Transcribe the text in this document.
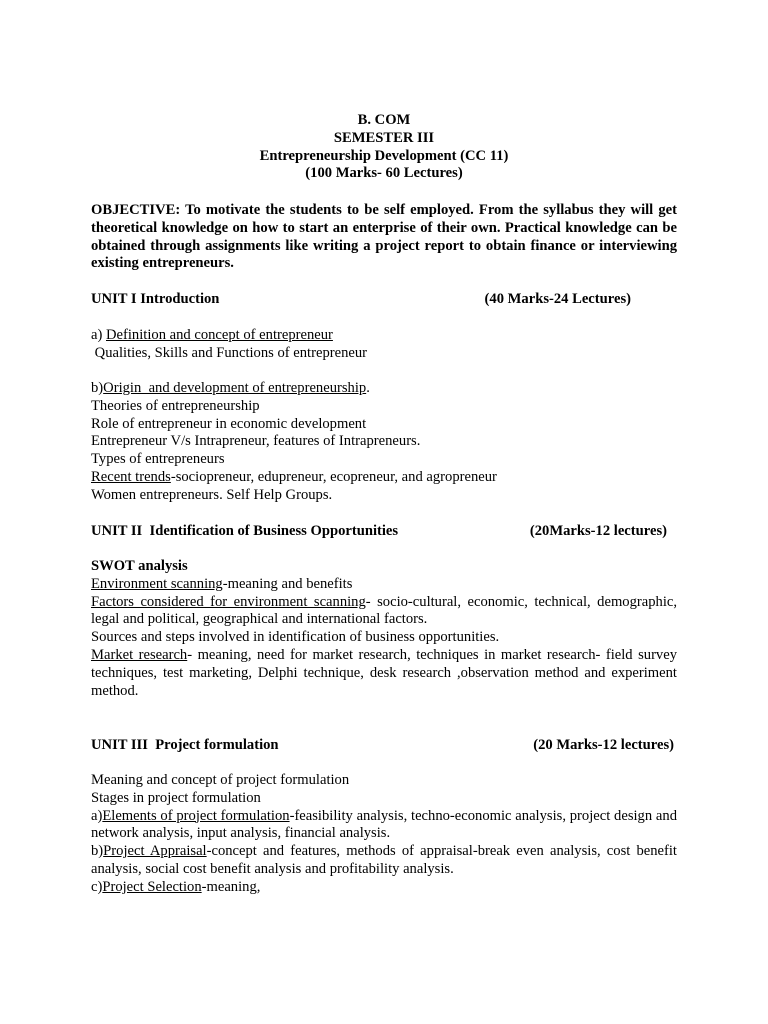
B. COM
SEMESTER III
Entrepreneurship Development (CC 11)
(100 Marks- 60 Lectures)
OBJECTIVE: To motivate the students to be self employed. From the syllabus they will get theoretical knowledge on how to start an enterprise of their own. Practical knowledge can be obtained through assignments like writing a project report to obtain finance or interviewing existing entrepreneurs.
UNIT I Introduction	(40 Marks-24 Lectures)
a) Definition and concept of entrepreneur
Qualities, Skills and Functions of entrepreneur
b)Origin  and development of entrepreneurship.
Theories of entrepreneurship
Role of entrepreneur in economic development
Entrepreneur V/s Intrapreneur, features of Intrapreneurs.
Types of entrepreneurs
Recent trends-sociopreneur, edupreneur, ecopreneur, and agropreneur
Women entrepreneurs. Self Help Groups.
UNIT II  Identification of Business Opportunities	(20Marks-12 lectures)
SWOT analysis
Environment scanning-meaning and benefits
Factors considered for environment scanning- socio-cultural, economic, technical, demographic, legal and political, geographical and international factors.
Sources and steps involved in identification of business opportunities.
Market research- meaning, need for market research, techniques in market research- field survey techniques, test marketing, Delphi technique, desk research ,observation method and experiment method.
UNIT III  Project formulation	(20 Marks-12 lectures)
Meaning and concept of project formulation
Stages in project formulation
a)Elements of project formulation-feasibility analysis, techno-economic analysis, project design and network analysis, input analysis, financial analysis.
b)Project Appraisal-concept and features, methods of appraisal-break even analysis, cost benefit analysis, social cost benefit analysis and profitability analysis.
c)Project Selection-meaning,
